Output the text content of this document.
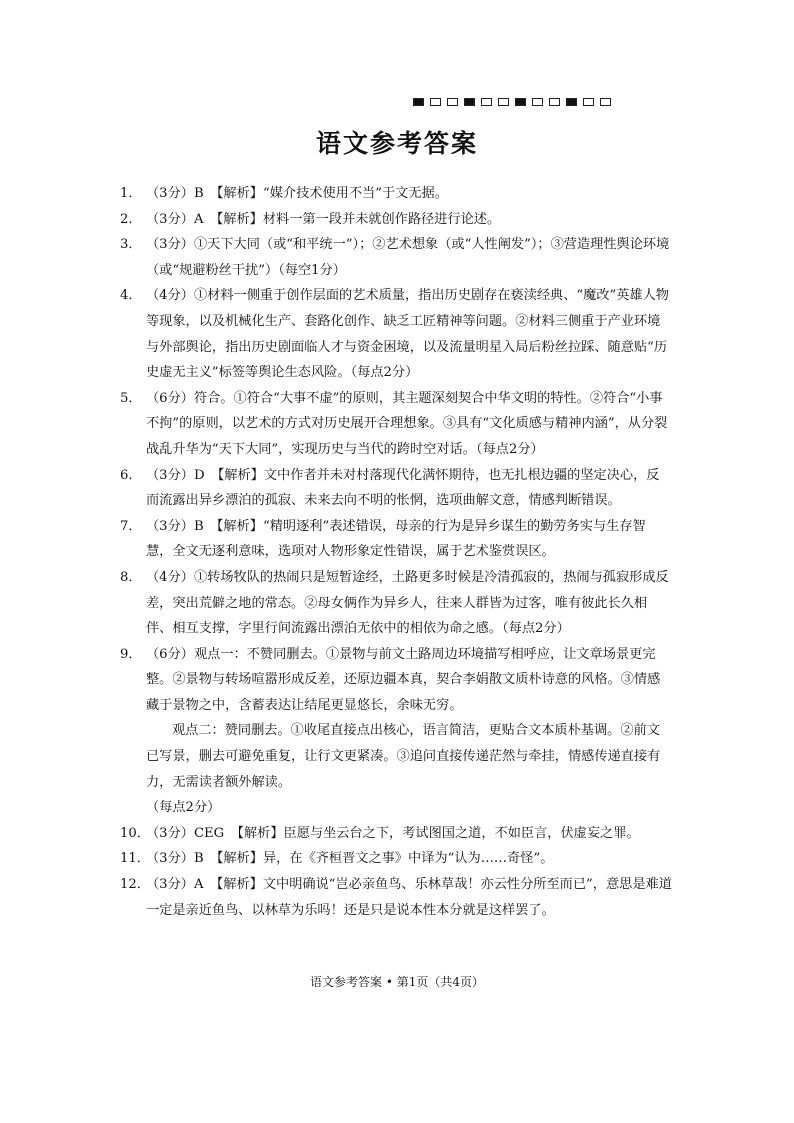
语文参考答案
1． （3分）B　【解析】“媒介技术使用不当”于文无据。
2． （3分）A　【解析】材料一第一段并未就创作路径进行论述。
3． （3分）①天下大同（或“和平统一”）；②艺术想象（或“人性阐发”）；③营造理性舆论环境（或“规避粉丝干扰”）（每空1分）
4． （4分）①材料一侧重于创作层面的艺术质量，指出历史剧存在亵渎经典、“魔改”英雄人物等现象，以及机械化生产、套路化创作、缺乏工匠精神等问题。②材料三侧重于产业环境与外部舆论，指出历史剧面临人才与资金困境，以及流量明星入局后粉丝拉踩、随意贴“历史虚无主义”标签等舆论生态风险。（每点2分）
5． （6分）符合。①符合“大事不虚”的原则，其主题深刻契合中华文明的特性。②符合“小事不拘”的原则，以艺术的方式对历史展开合理想象。③具有“文化质感与精神内涵”，从分裂战乱升华为“天下大同”，实现历史与当代的跨时空对话。（每点2分）
6． （3分）D　【解析】文中作者并未对村落现代化满怀期待，也无扎根边疆的坚定决心，反而流露出异乡漂泊的孤寂、未来去向不明的怅惘，选项曲解文意，情感判断错误。
7． （3分）B　【解析】“精明逐利”表述错误，母亲的行为是异乡谋生的勤劳务实与生存智慧，全文无逐利意味，选项对人物形象定性错误，属于艺术鉴赏误区。
8． （4分）①转场牧队的热闹只是短暂途经，土路更多时候是冷清孤寂的，热闹与孤寂形成反差，突出荒僻之地的常态。②母女俩作为异乡人，往来人群皆为过客，唯有彼此长久相伴、相互支撑，字里行间流露出漂泊无依中的相依为命之感。（每点2分）
9． （6分）观点一：不赞同删去。①景物与前文土路周边环境描写相呼应，让文章场景更完整。②景物与转场喧嚣形成反差，还原边疆本真，契合李娟散文质朴诗意的风格。③情感藏于景物之中，含蓄表达让结尾更显悠长，余味无穷。
观点二：赞同删去。①收尾直接点出核心，语言简洁，更贴合文本质朴基调。②前文已写景，删去可避免重复，让行文更紧凑。③追问直接传递茫然与牵挂，情感传递直接有力，无需读者额外解读。
（每点2分）
10．
（3分）CEG　【解析】臣愿与坐云台之下，考试图国之道，不如臣言，伏虚妄之罪。
11．
（3分）B　【解析】异，在《齐桓晋文之事》中译为“认为……奇怪”。
12．
（3分）A　【解析】文中明确说“岂必亲鱼鸟、乐林草哉！亦云性分所至而已”，意思是难道一定是亲近鱼鸟、以林草为乐吗！还是只是说本性本分就是这样罢了。
语文参考答案 • 第1页（共4页）
